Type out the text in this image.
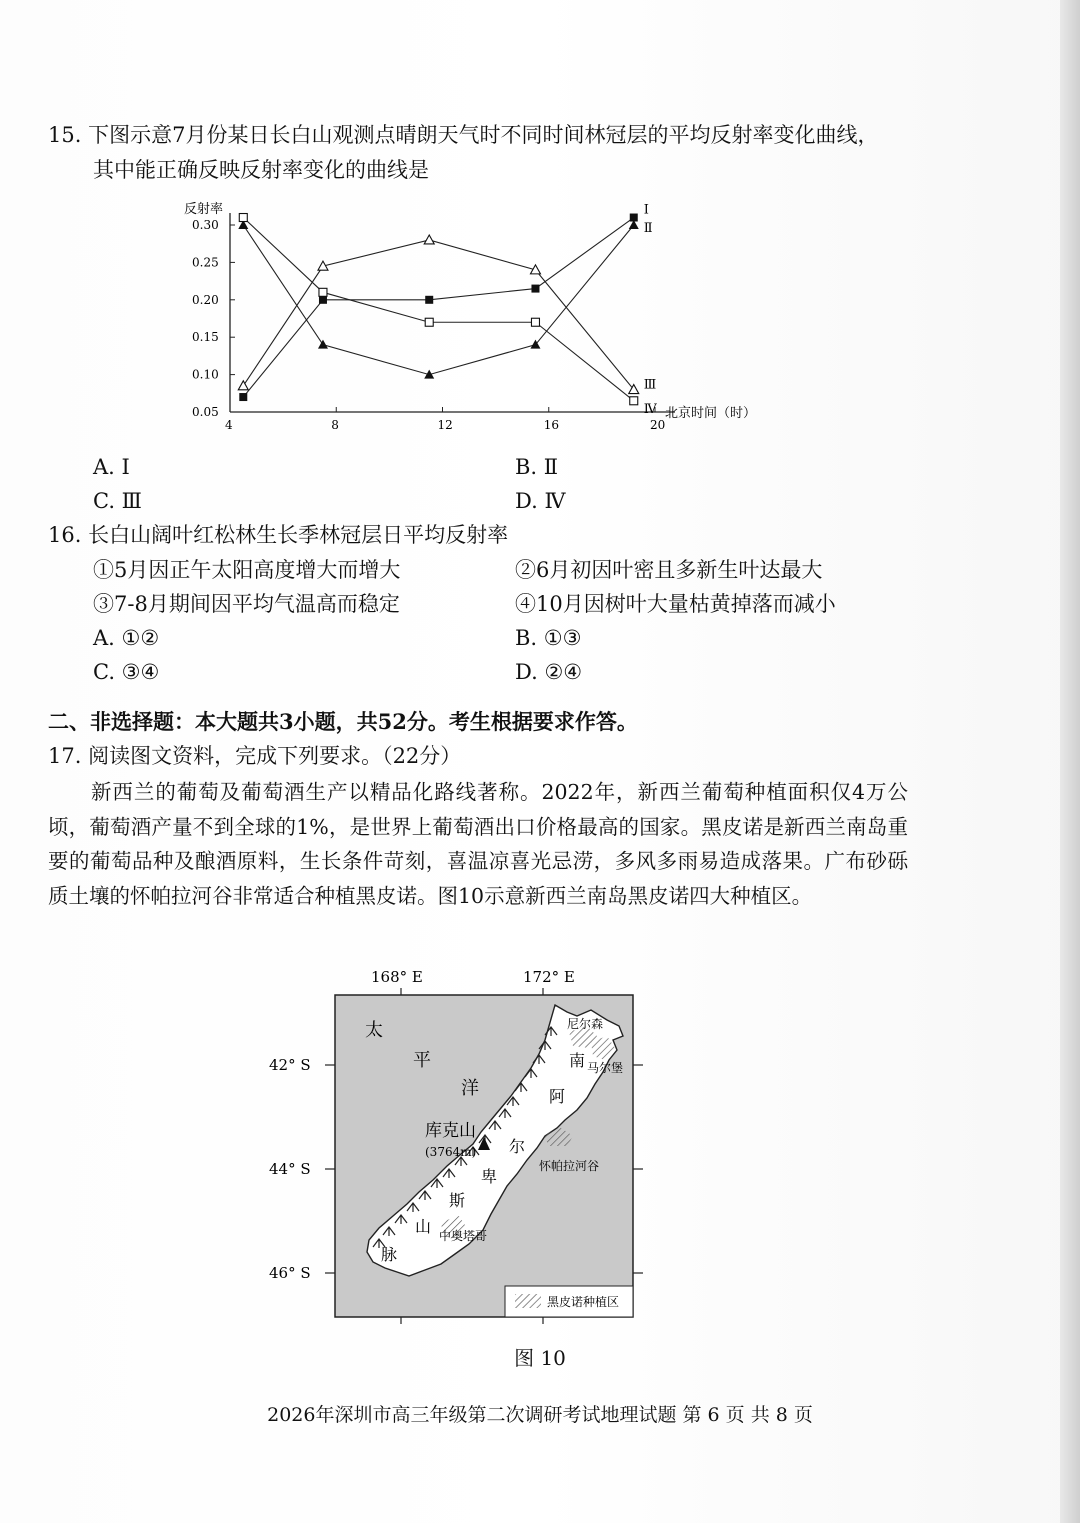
15. 下图示意7月份某日长白山观测点晴朗天气时不同时间林冠层的平均反射率变化曲线，
其中能正确反映反射率变化的曲线是
4	8	12	16	20
0.05
0.10
0.15
0.20
0.25
0.30
Ⅰ
Ⅱ
Ⅲ
Ⅳ
反射率
北京时间（时）
A. Ⅰ	B. Ⅱ
C. Ⅲ	D. Ⅳ
16. 长白山阔叶红松林生长季林冠层日平均反射率
①5月因正午太阳高度增大而增大	②6月初因叶密且多新生叶达最大
③7-8月期间因平均气温高而稳定	④10月因树叶大量枯黄掉落而减小
A. ①②	B. ①③
C. ③④	D. ②④
二、非选择题：本大题共3小题，共52分。考生根据要求作答。
17. 阅读图文资料，完成下列要求。（22分）
新西兰的葡萄及葡萄酒生产以精品化路线著称。2022年，新西兰葡萄种植面积仅4万公顷，葡萄酒产量不到全球的1%，是世界上葡萄酒出口价格最高的国家。黑皮诺是新西兰南岛重要的葡萄品种及酿酒原料，生长条件苛刻，喜温凉喜光忌涝，多风多雨易造成落果。广布砂砾质土壤的怀帕拉河谷非常适合种植黑皮诺。图10示意新西兰南岛黑皮诺四大种植区。
168° E	172° E
42° S
44° S
46° S
太
平
洋
库克山
(3764m)
南
阿
尔
卑
斯
山
脉
尼尔森
马尔堡
怀帕拉河谷
中奥塔哥
黑皮诺种植区
图 10
2026年深圳市高三年级第二次调研考试地理试题 第 6 页 共 8 页
